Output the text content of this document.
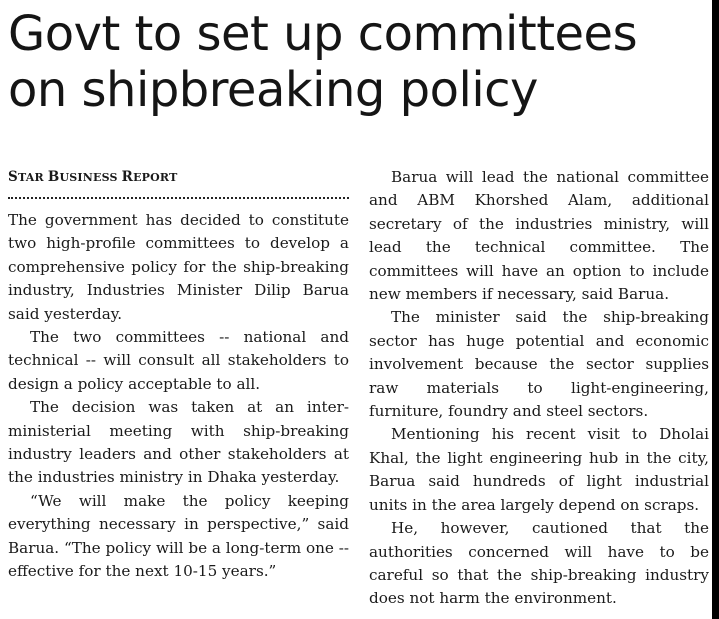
Govt to set up committees on shipbreaking policy
STAR BUSINESS REPORT

The government has decided to constitute two high-profile committees to develop a comprehensive policy for the ship-breaking industry, Industries Minister Dilip Barua said yesterday.

The two committees -- national and technical -- will consult all stakeholders to design a policy acceptable to all.

The decision was taken at an inter-ministerial meeting with ship-breaking industry leaders and other stakeholders at the industries ministry in Dhaka yesterday.

“We will make the policy keeping everything necessary in perspective,” said Barua. “The policy will be a long-term one -- effective for the next 10-15 years.”

Barua will lead the national committee and ABM Khorshed Alam, additional secretary of the industries ministry, will lead the technical committee. The committees will have an option to include new members if necessary, said Barua.

The minister said the ship-breaking sector has huge potential and economic involvement because the sector supplies raw materials to light-engineering, furniture, foundry and steel sectors.

Mentioning his recent visit to Dholai Khal, the light engineering hub in the city, Barua said hundreds of light industrial units in the area largely depend on scraps.

He, however, cautioned that the authorities concerned will have to be careful so that the ship-breaking industry does not harm the environment.
